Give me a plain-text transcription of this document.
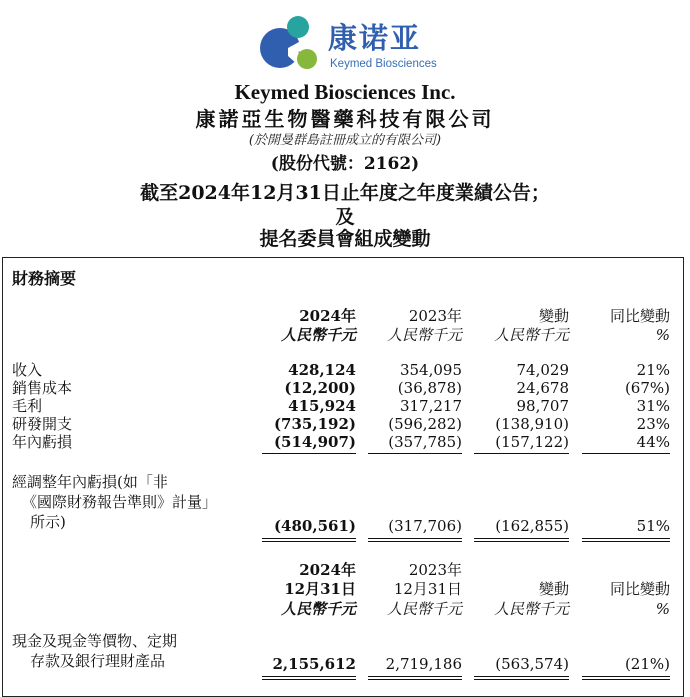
康诺亚
Keymed Biosciences
Keymed Biosciences Inc.
康諾亞生物醫藥科技有限公司
(於開曼群島註冊成立的有限公司)
(股份代號：2162)
截至2024年12月31日止年度之年度業績公告；
及
提名委員會組成變動
財務摘要
2024年	2023年	變動	同比變動
人民幣千元 人民幣千元 人民幣千元	%
收入	428,124	354,095	74,029	21%
銷售成本	(12,200)	(36,878)	24,678	(67%)
毛利	415,924	317,217	98,707	31%
研發開支	(735,192) (596,282) (138,910)	23%
年內虧損	(514,907) (357,785) (157,122)	44%
經調整年內虧損(如「非
《國際財務報告準則》計量」
所示)	(480,561) (317,706) (162,855)	51%
2024年	2023年
12月31日	12月31日	變動	同比變動
人民幣千元 人民幣千元 人民幣千元	%
現金及現金等價物、定期
存款及銀行理財產品	2,155,612 2,719,186 (563,574)	(21%)
